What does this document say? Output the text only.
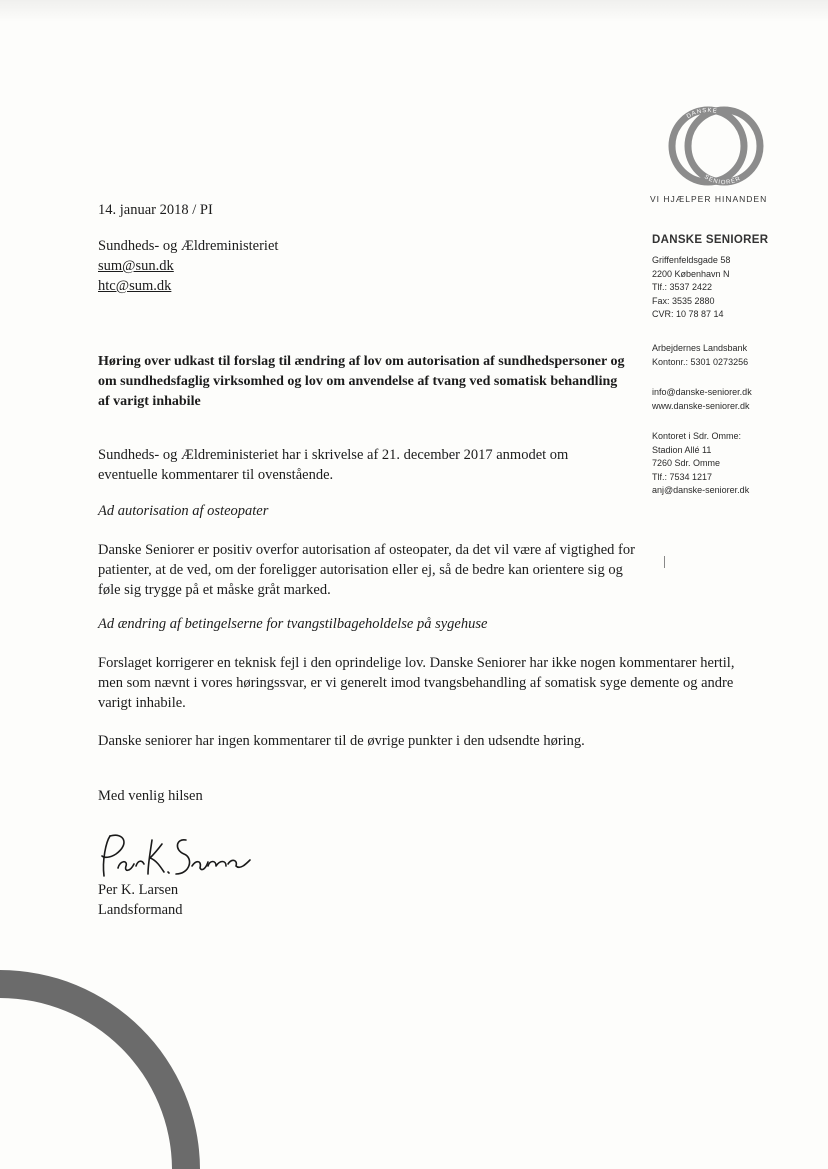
14. januar 2018 / PI
Sundheds- og Ældreministeriet
sum@sun.dk
htc@sum.dk
Høring over udkast til forslag til ændring af lov om autorisation af sundhedspersoner og om sundhedsfaglig virksomhed og lov om anvendelse af tvang ved somatisk behandling af varigt inhabile
Sundheds- og Ældreministeriet har i skrivelse af 21. december 2017 anmodet om eventuelle kommentarer til ovenstående.
Ad autorisation af osteopater
Danske Seniorer er positiv overfor autorisation af osteopater, da det vil være af vigtighed for patienter, at de ved, om der foreligger autorisation eller ej, så de bedre kan orientere sig og føle sig trygge på et måske gråt marked.
Ad ændring af betingelserne for tvangstilbageholdelse på sygehuse
Forslaget korrigerer en teknisk fejl i den oprindelige lov. Danske Seniorer har ikke nogen kommentarer hertil, men som nævnt i vores høringssvar, er vi generelt imod tvangsbehandling af somatisk syge demente og andre varigt inhabile.
Danske seniorer har ingen kommentarer til de øvrige punkter i den udsendte høring.
Med venlig hilsen
Per K. Larsen
Landsformand
DANSKE
SENIORER
VI HJÆLPER HINANDEN
DANSKE SENIORER
Griffenfeldsgade 58
2200 København N
Tlf.: 3537 2422
Fax: 3535 2880
CVR: 10 78 87 14
Arbejdernes Landsbank
Kontonr.: 5301 0273256
info@danske-seniorer.dk
www.danske-seniorer.dk
Kontoret i Sdr. Omme:
Stadion Allé 11
7260 Sdr. Omme
Tlf.: 7534 1217
anj@danske-seniorer.dk
